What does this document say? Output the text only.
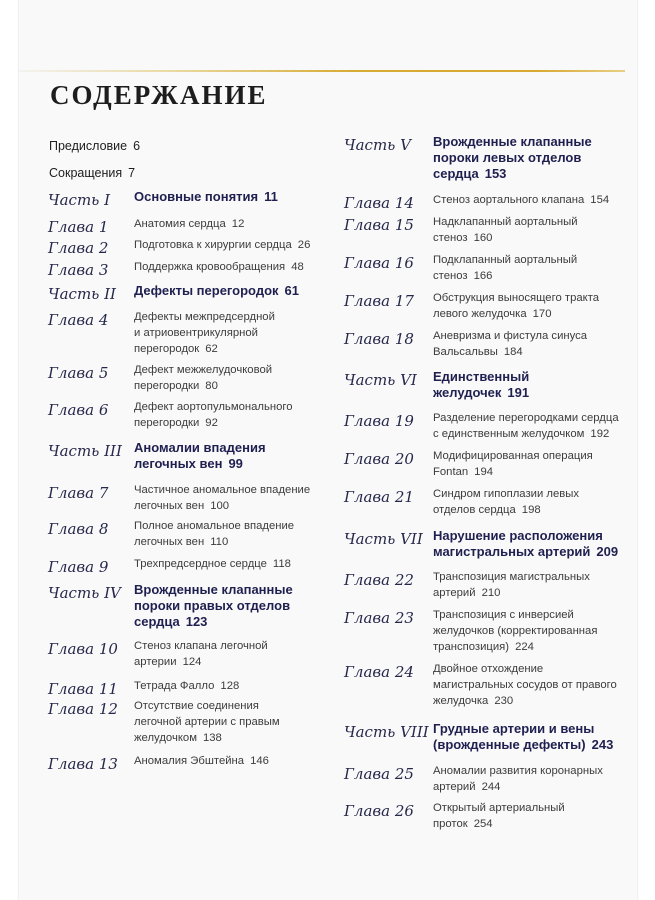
СОДЕРЖАНИЕ
Предисловие 6
Сокращения 7
Часть I Основные понятия 11
Глава 1 Анатомия сердца 12
Глава 2 Подготовка к хирургии сердца 26
Глава 3 Поддержка кровообращения 48
Часть II Дефекты перегородок 61
Глава 4 Дефекты межпредсердной
и атриовентрикулярной
перегородок 62
Глава 5 Дефект межжелудочковой
перегородки 80
Глава 6 Дефект аортопульмонального
перегородки 92
Часть III Аномалии впадения
легочных вен 99
Глава 7 Частичное аномальное впадение
легочных вен 100
Глава 8 Полное аномальное впадение
легочных вен 110
Глава 9 Трехпредсердное сердце 118
Часть IV Врожденные клапанные
пороки правых отделов
сердца 123
Глава 10 Стеноз клапана легочной
артерии 124
Глава 11 Тетрада Фалло 128
Глава 12 Отсутствие соединения
легочной артерии с правым
желудочком 138
Глава 13 Аномалия Эбштейна 146
Часть V Врожденные клапанные
пороки левых отделов
сердца 153
Глава 14 Стеноз аортального клапана 154
Глава 15 Надклапанный аортальный
стеноз 160
Глава 16 Подклапанный аортальный
стеноз 166
Глава 17 Обструкция выносящего тракта
левого желудочка 170
Глава 18 Аневризма и фистула синуса
Вальсальвы 184
Часть VI Единственный
желудочек 191
Глава 19 Разделение перегородками сердца
с единственным желудочком 192
Глава 20 Модифицированная операция
Fontan 194
Глава 21 Синдром гипоплазии левых
отделов сердца 198
Часть VII Нарушение расположения
магистральных артерий 209
Глава 22 Транспозиция магистральных
артерий 210
Глава 23 Транспозиция с инверсией
желудочков (корректированная
транспозиция) 224
Глава 24 Двойное отхождение
магистральных сосудов от правого
желудочка 230
Часть VIII Грудные артерии и вены
(врожденные дефекты) 243
Глава 25 Аномалии развития коронарных
артерий 244
Глава 26 Открытый артериальный
проток 254
